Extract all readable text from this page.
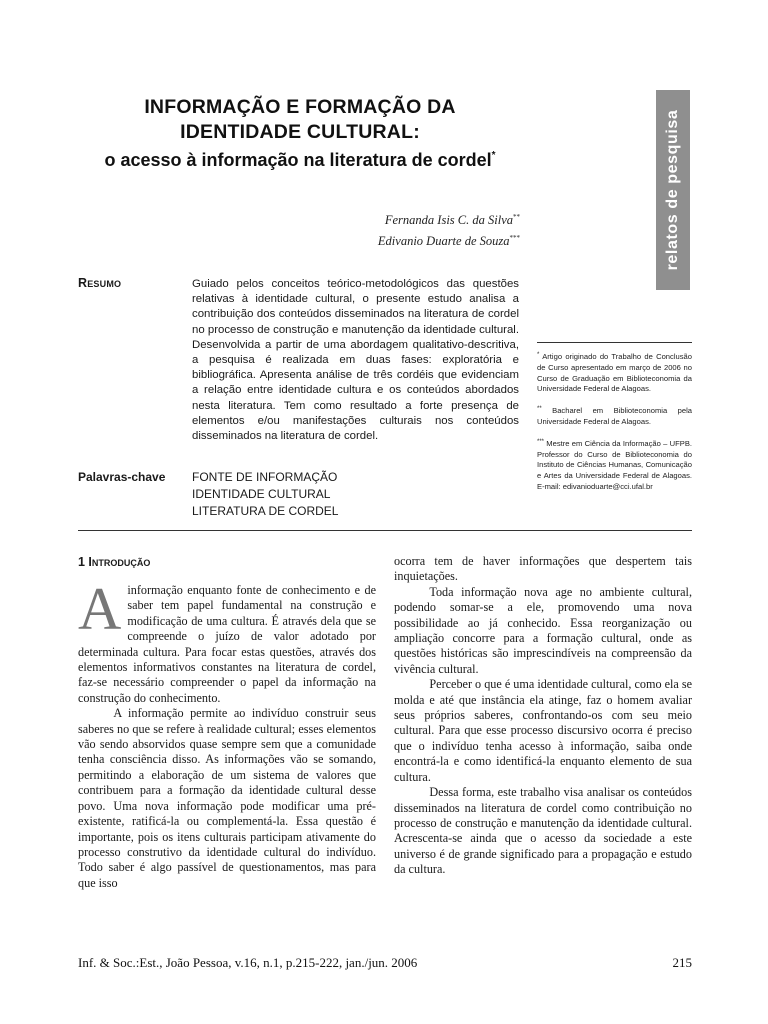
INFORMAÇÃO E FORMAÇÃO DA
IDENTIDADE CULTURAL:
o acesso à informação na literatura de cordel*	relatos de pesquisa
Fernanda Isis C. da Silva**
Edivanio Duarte de Souza***
Resumo	Guiado pelos conceitos teórico-metodológicos das questões relativas à identidade cultural, o presente estudo analisa a contribuição dos conteúdos disseminados na literatura de cordel no processo de construção e manutenção da identidade cultural. Desenvolvida a partir de uma abordagem qualitativo-descritiva, a pesquisa é realizada em duas fases: exploratória e bibliográfica. Apresenta análise de três cordéis que evidenciam a relação entre identidade cultura e os conteúdos abordados nesta literatura. Tem como resultado a forte presença de elementos e/ou manifestações culturais nos conteúdos disseminados na literatura de cordel.
Palavras-chave FONTE DE INFORMAÇÃO
IDENTIDADE CULTURAL
LITERATURA DE CORDEL

* Artigo originado do Trabalho de Conclusão de Curso apresentado em março de 2006 no Curso de Graduação em Biblioteconomia da Universidade Federal de Alagoas.

** Bacharel em Biblioteconomia pela Universidade Federal de Alagoas.

*** Mestre em Ciência da Informação – UFPB. Professor do Curso de Biblioteconomia do Instituto de Ciências Humanas, Comunicação e Artes da Universidade Federal de Alagoas. E-mail: edivanioduarte@cci.ufal.br

1 Introdução

Ainformação enquanto fonte de conhecimento e de saber tem papel fundamental na construção e modificação de uma cultura. É através dela que se compreende o juízo de valor adotado por determinada cultura. Para focar estas questões, através dos elementos informativos constantes na literatura de cordel, faz-se necessário compreender o papel da informação na construção do conhecimento.

A informação permite ao indivíduo construir seus saberes no que se refere à realidade cultural; esses elementos vão sendo absorvidos quase sempre sem que a comunidade tenha consciência disso. As informações vão se somando, permitindo a elaboração de um sistema de valores que contribuem para a formação da identidade cultural desse povo. Uma nova informação pode modificar uma pré-existente, ratificá-la ou complementá-la. Essa questão é importante, pois os itens culturais participam ativamente do processo construtivo da identidade cultural do indivíduo. Todo saber é algo passível de questionamentos, mas para que isso

ocorra tem de haver informações que despertem tais inquietações.

Toda informação nova age no ambiente cultural, podendo somar-se a ele, promovendo uma nova possibilidade ao já conhecido. Essa reorganização ou ampliação concorre para a formação cultural, onde as questões históricas são imprescindíveis na compreensão da vivência cultural.

Perceber o que é uma identidade cultural, como ela se molda e até que instância ela atinge, faz o homem avaliar seus próprios saberes, confrontando-os com seu meio cultural. Para que esse processo discursivo ocorra é preciso que o indivíduo tenha acesso à informação, saiba onde encontrá-la e como identificá-la enquanto elemento de sua cultura.

Dessa forma, este trabalho visa analisar os conteúdos disseminados na literatura de cordel como contribuição no processo de construção e manutenção da identidade cultural. Acrescenta-se ainda que o acesso da sociedade a este universo é de grande significado para a propagação e estudo da cultura.

Inf. & Soc.:Est., João Pessoa, v.16, n.1, p.215-222, jan./jun. 2006	215
